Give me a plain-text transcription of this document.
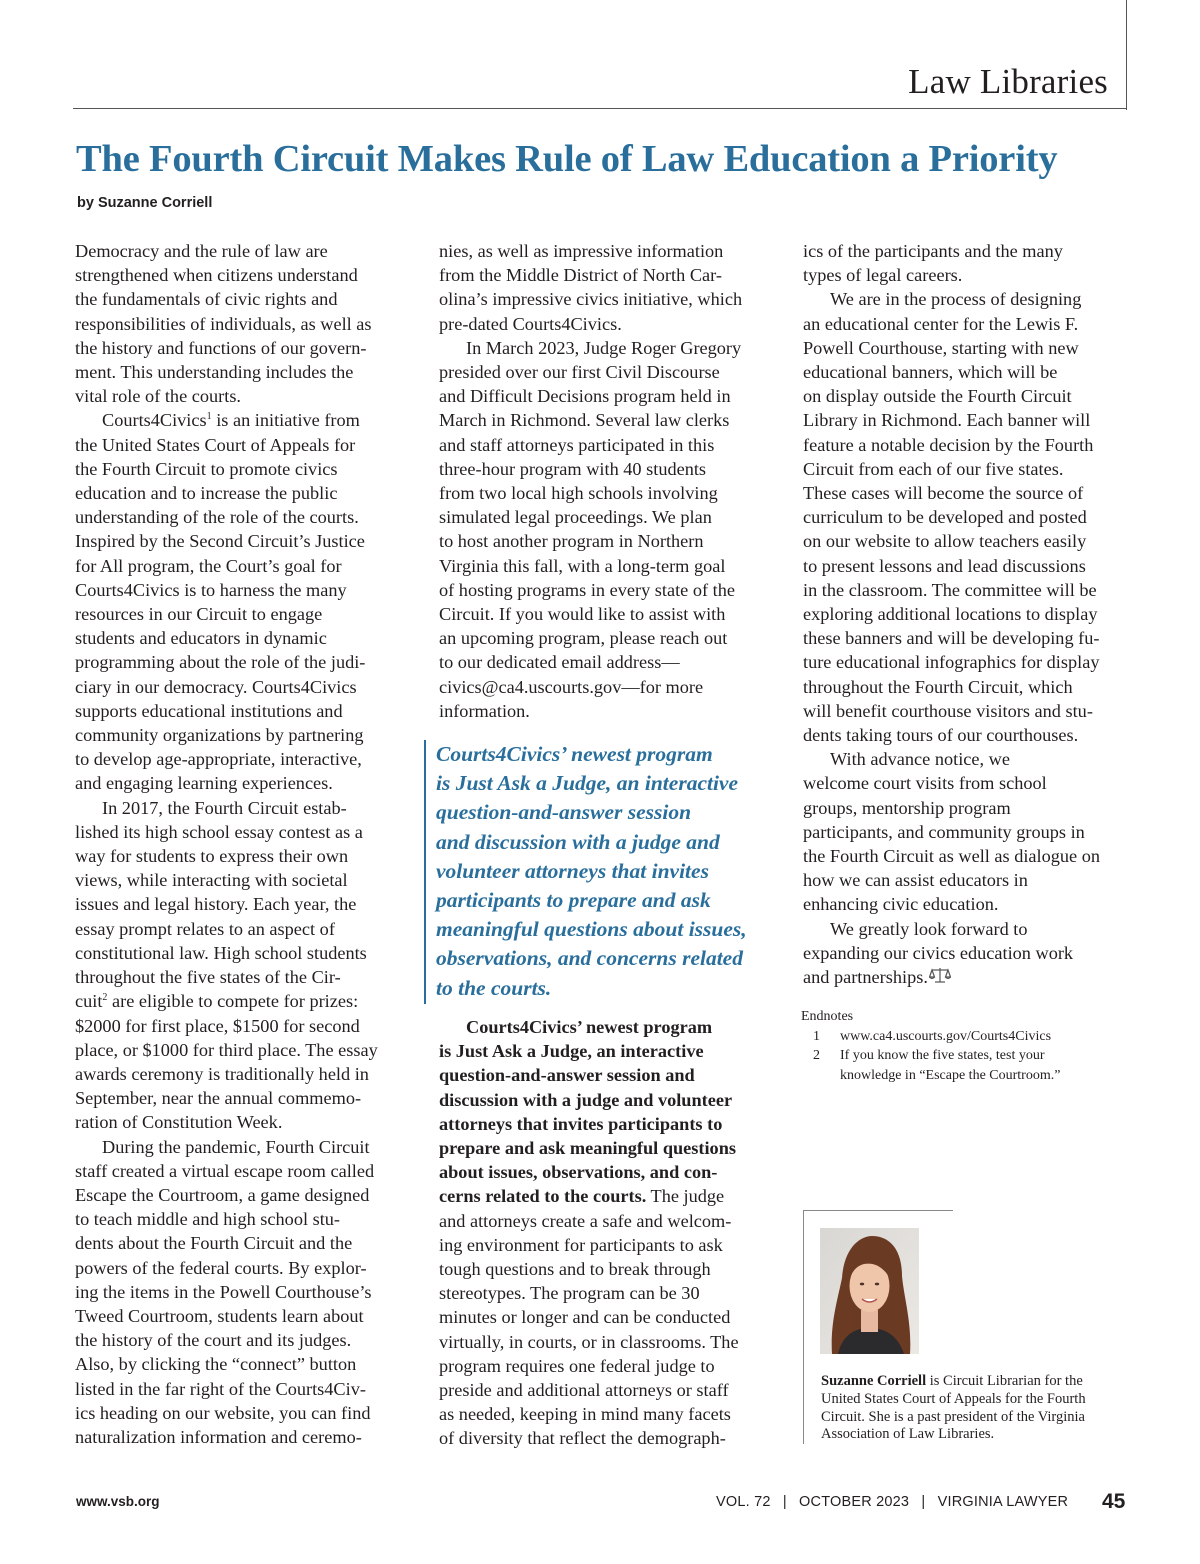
Law Libraries
The Fourth Circuit Makes Rule of Law Education a Priority
by Suzanne Corriell

Democracy and the rule of law are

strengthened when citizens understand

the fundamentals of civic rights and

responsibilities of individuals, as well as

the history and functions of our govern-

ment. This understanding includes the

vital role of the courts.

Courts4Civics$^1$ is an initiative from

the United States Court of Appeals for

the Fourth Circuit to promote civics

education and to increase the public

understanding of the role of the courts.

Inspired by the Second Circuit’s Justice

for All program, the Court’s goal for

Courts4Civics is to harness the many

resources in our Circuit to engage

students and educators in dynamic

programming about the role of the judi-

ciary in our democracy. Courts4Civics

supports educational institutions and

community organizations by partnering

to develop age-appropriate, interactive,

and engaging learning experiences.

In 2017, the Fourth Circuit estab-

lished its high school essay contest as a

way for students to express their own

views, while interacting with societal

issues and legal history. Each year, the

essay prompt relates to an aspect of

constitutional law. High school students

throughout the five states of the Cir-

cuit$^2$ are eligible to compete for prizes:

$2000 for first place, $1500 for second

place, or $1000 for third place. The essay

awards ceremony is traditionally held in

September, near the annual commemo-

ration of Constitution Week.

During the pandemic, Fourth Circuit

staff created a virtual escape room called

Escape the Courtroom, a game designed

to teach middle and high school stu-

dents about the Fourth Circuit and the

powers of the federal courts. By explor-

ing the items in the Powell Courthouse’s

Tweed Courtroom, students learn about

the history of the court and its judges.

Also, by clicking the “connect” button

listed in the far right of the Courts4Civ-

ics heading on our website, you can find

naturalization information and ceremo-

nies, as well as impressive information

from the Middle District of North Car-

olina’s impressive civics initiative, which

pre-dated Courts4Civics.

In March 2023, Judge Roger Gregory

presided over our first Civil Discourse

and Difficult Decisions program held in

March in Richmond. Several law clerks

and staff attorneys participated in this

three-hour program with 40 students

from two local high schools involving

simulated legal proceedings. We plan

to host another program in Northern

Virginia this fall, with a long-term goal

of hosting programs in every state of the

Circuit. If you would like to assist with

an upcoming program, please reach out

to our dedicated email address—

civics@ca4.uscourts.gov—for more

information.

Courts4Civics’ newest program

is Just Ask a Judge, an interactive

question-and-answer session

and discussion with a judge and

volunteer attorneys that invites

participants to prepare and ask

meaningful questions about issues,

observations, and concerns related

to the courts.

Courts4Civics’ newest program

is Just Ask a Judge, an interactive

question-and-answer session and

discussion with a judge and volunteer

attorneys that invites participants to

prepare and ask meaningful questions

about issues, observations, and con-

cerns related to the courts. The judge

and attorneys create a safe and welcom-

ing environment for participants to ask

tough questions and to break through

stereotypes. The program can be 30

minutes or longer and can be conducted

virtually, in courts, or in classrooms. The

program requires one federal judge to

preside and additional attorneys or staff

as needed, keeping in mind many facets

of diversity that reflect the demograph-

ics of the participants and the many

types of legal careers.

We are in the process of designing

an educational center for the Lewis F.

Powell Courthouse, starting with new

educational banners, which will be

on display outside the Fourth Circuit

Library in Richmond. Each banner will

feature a notable decision by the Fourth

Circuit from each of our five states.

These cases will become the source of

curriculum to be developed and posted

on our website to allow teachers easily

to present lessons and lead discussions

in the classroom. The committee will be

exploring additional locations to display

these banners and will be developing fu-

ture educational infographics for display

throughout the Fourth Circuit, which

will benefit courthouse visitors and stu-

dents taking tours of our courthouses.

With advance notice, we

welcome court visits from school

groups, mentorship program

participants, and community groups in

the Fourth Circuit as well as dialogue on

how we can assist educators in

enhancing civic education.

We greatly look forward to

expanding our civics education work

and partnerships.

Endnotes

1	www.ca4.uscourts.gov/Courts4Civics

2	If you know the five states, test your

knowledge in “Escape the Courtroom.”

Suzanne Corriell is Circuit Librarian for the

United States Court of Appeals for the Fourth

Circuit. She is a past president of the Virginia

Association of Law Libraries.

www.vsb.org	VOL. 72 | OCTOBER 2023 | VIRGINIA LAWYER 45
